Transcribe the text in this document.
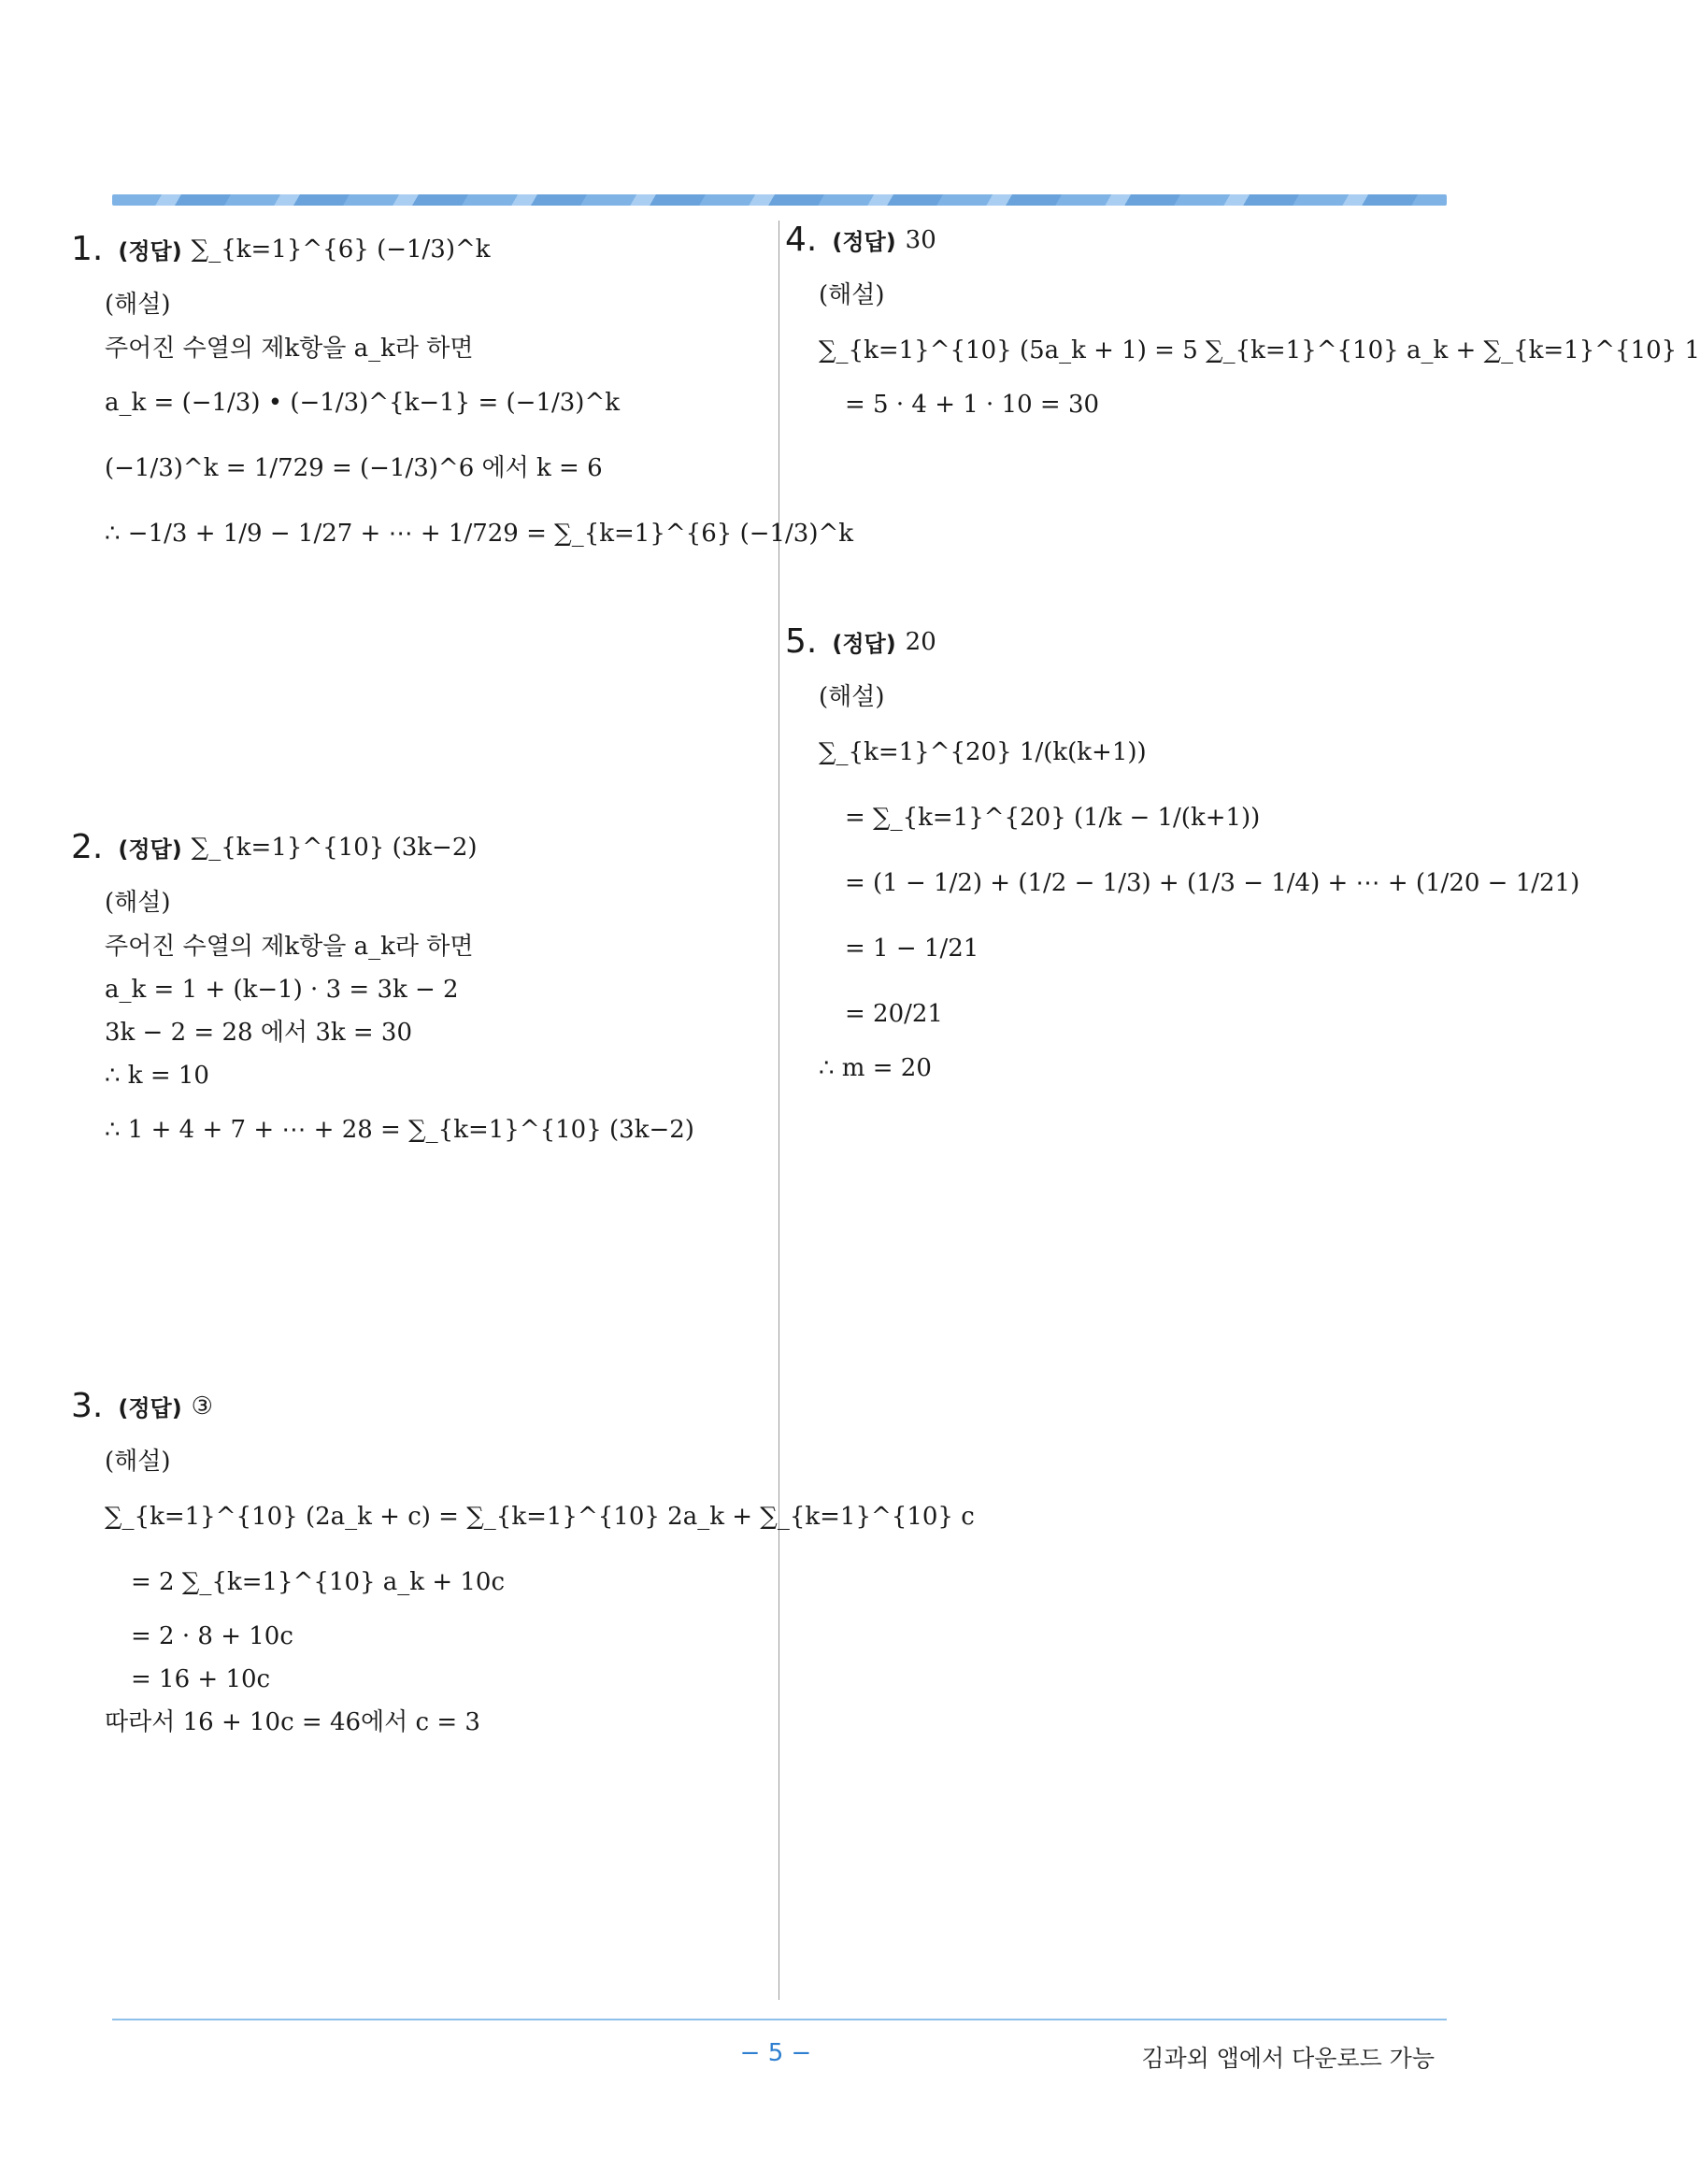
1. (정답) ∑_{k=1}^{6} (−1/3)^k
(해설)
주어진 수열의 제k항을 a_k라 하면
a_k = (−1/3) • (−1/3)^{k−1} = (−1/3)^k
(−1/3)^k = 1/729 = (−1/3)^6 에서 k = 6
∴ −1/3 + 1/9 − 1/27 + ⋯ + 1/729 = ∑_{k=1}^{6} (−1/3)^k
2. (정답) ∑_{k=1}^{10} (3k−2)
(해설)
주어진 수열의 제k항을 a_k라 하면
a_k = 1 + (k−1) · 3 = 3k − 2
3k − 2 = 28 에서 3k = 30
∴ k = 10
∴ 1 + 4 + 7 + ⋯ + 28 = ∑_{k=1}^{10} (3k−2)
3. (정답) ③
(해설)
∑_{k=1}^{10} (2a_k + c) = ∑_{k=1}^{10} 2a_k + ∑_{k=1}^{10} c
= 2 ∑_{k=1}^{10} a_k + 10c
= 2 · 8 + 10c
= 16 + 10c
따라서 16 + 10c = 46에서 c = 3
4. (정답) 30
(해설)
∑_{k=1}^{10} (5a_k + 1) = 5 ∑_{k=1}^{10} a_k + ∑_{k=1}^{10} 1
= 5 · 4 + 1 · 10 = 30
5. (정답) 20
(해설)
∑_{k=1}^{20} 1/(k(k+1))
= ∑_{k=1}^{20} (1/k − 1/(k+1))
= (1 − 1/2) + (1/2 − 1/3) + (1/3 − 1/4) + ⋯ + (1/20 − 1/21)
= 1 − 1/21
= 20/21
∴ m = 20
− 5 −	김과외 앱에서 다운로드 가능
